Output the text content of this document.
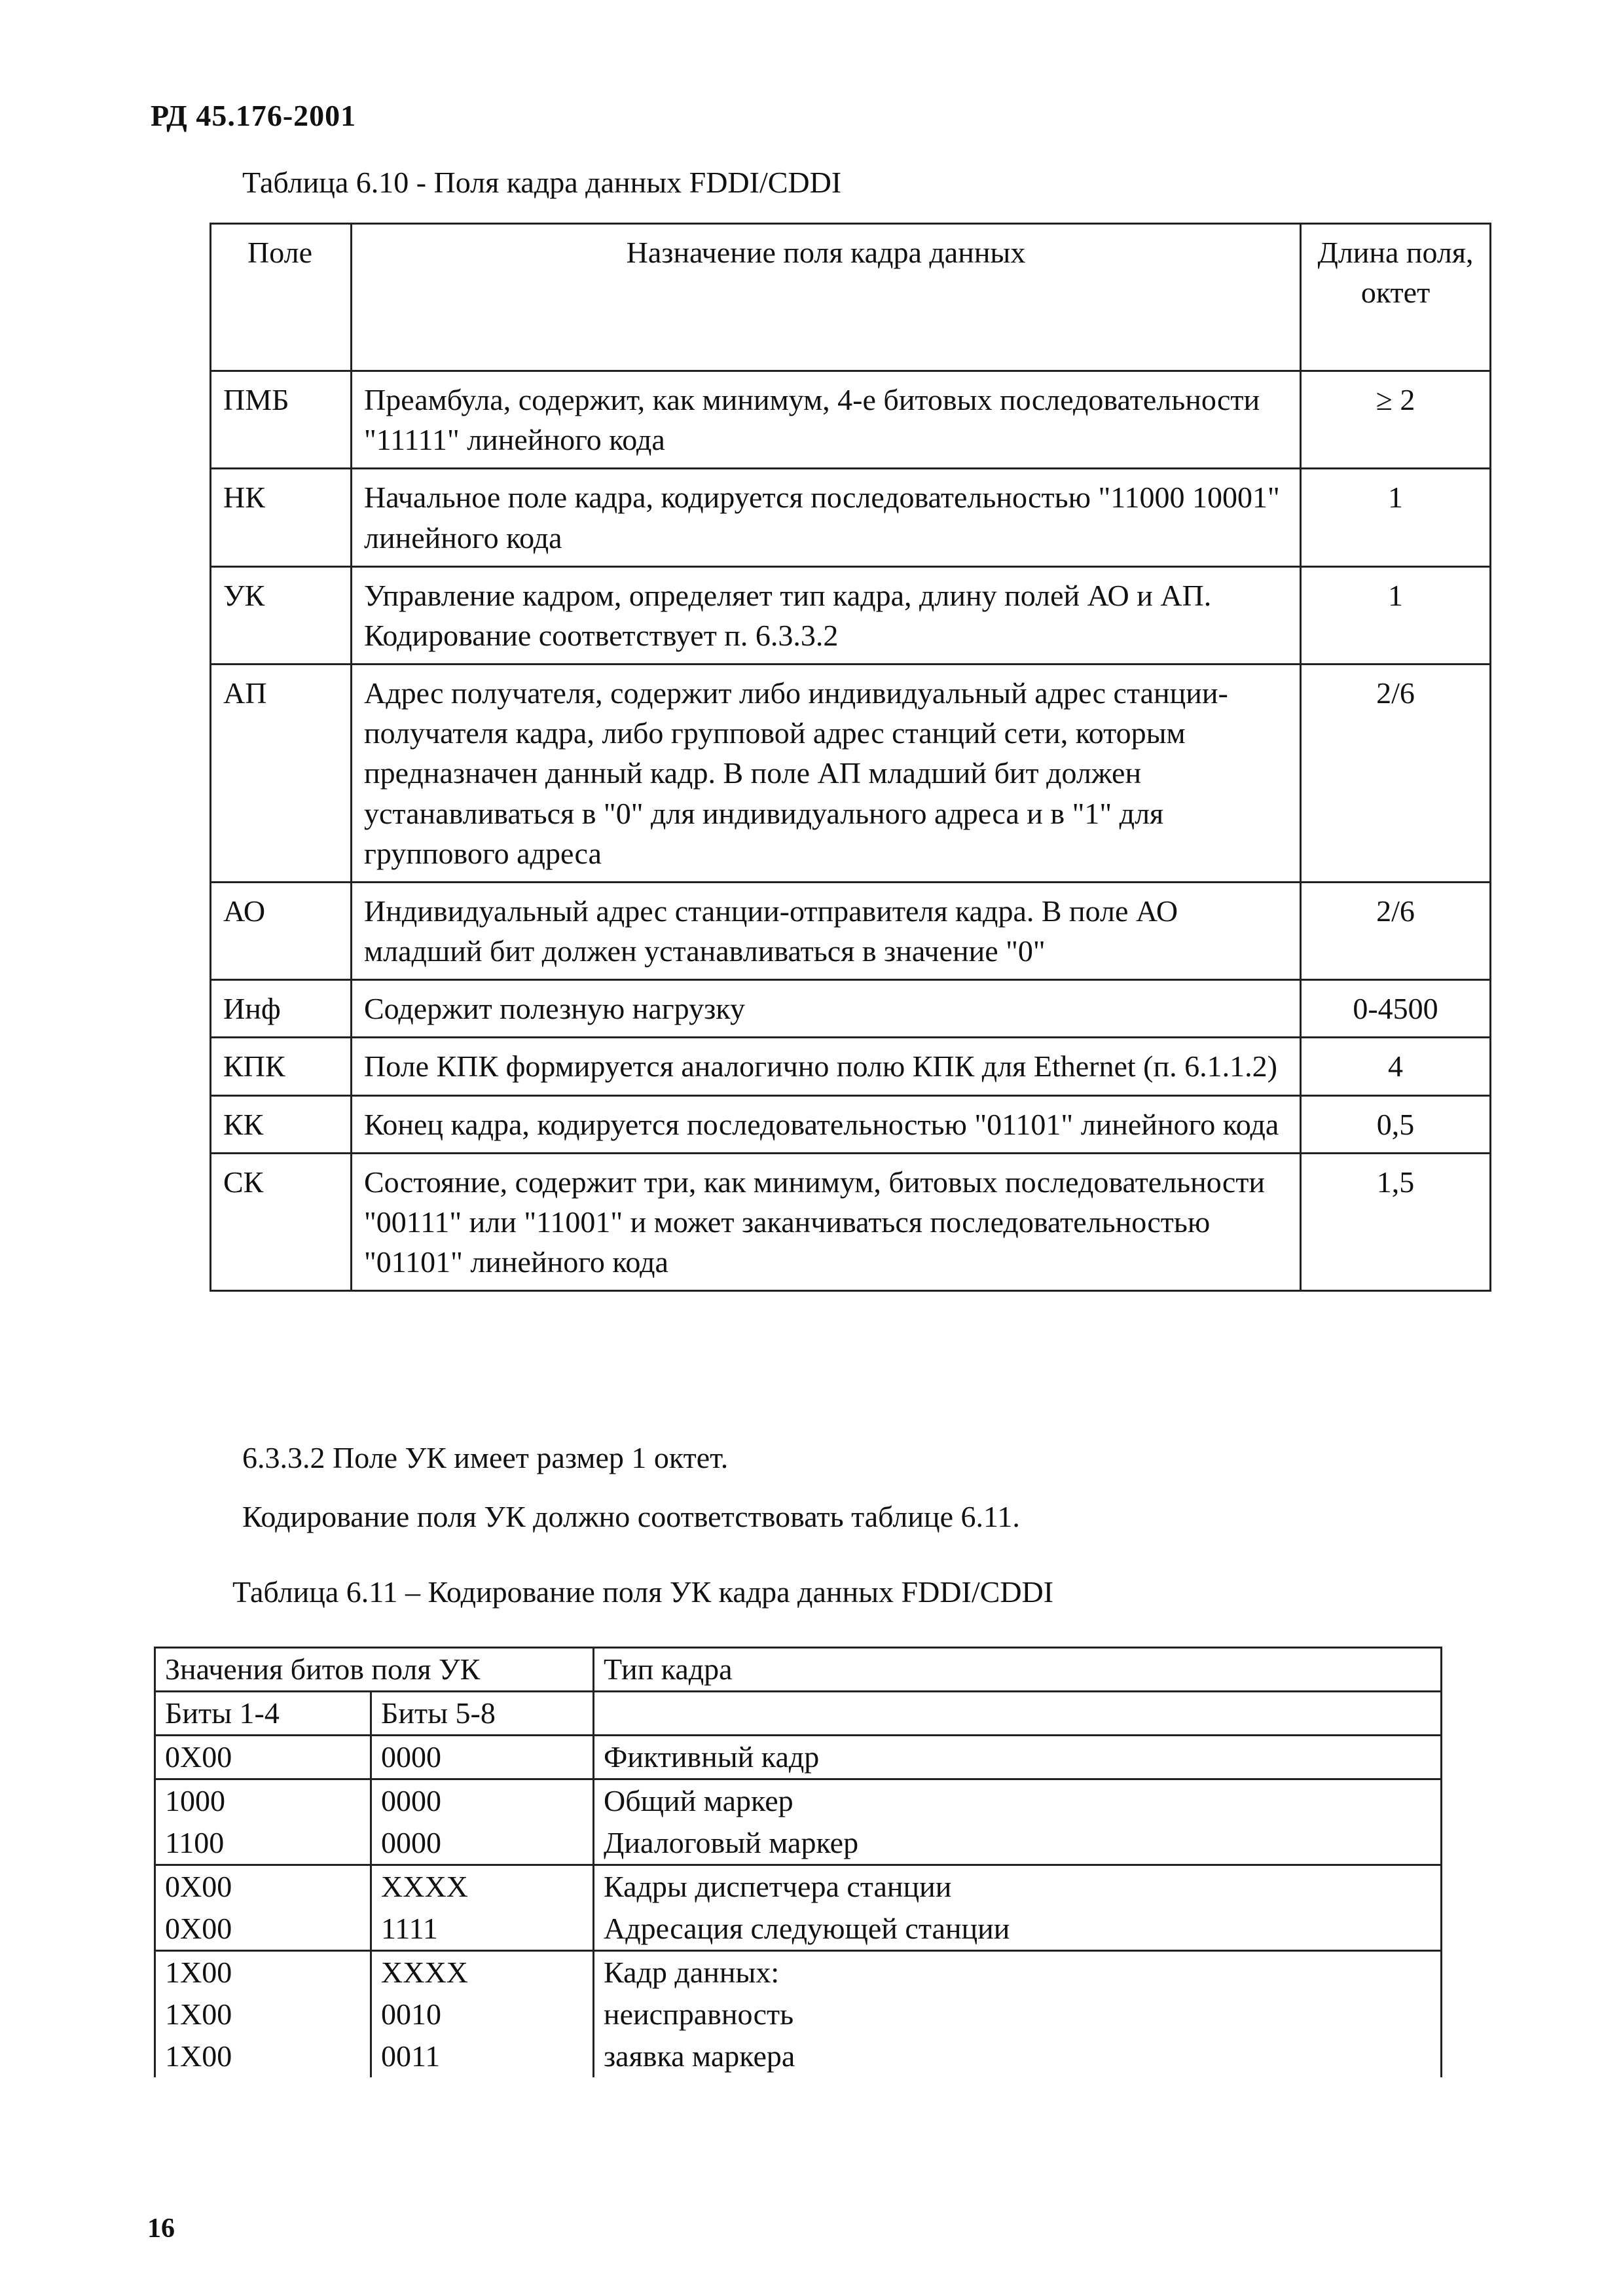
РД 45.176-2001
Таблица 6.10 - Поля кадра данных FDDI/CDDI
Поле	Назначение поля кадра данных	Длина поля, октет
ПМБ	Преамбула, содержит, как минимум, 4-е битовых последовательности "11111" линейного кода	≥ 2
НК	Начальное поле кадра, кодируется последовательностью "11000 10001" линейного кода	1
УК	Управление кадром, определяет тип кадра, длину полей АО и АП. Кодирование соответствует п. 6.3.3.2	1
АП	Адрес получателя, содержит либо индивидуальный адрес станции-получателя кадра, либо групповой адрес станций сети, которым предназначен данный кадр. В поле АП младший бит должен устанавливаться в "0" для индивидуального адреса и в "1" для группового адреса	2/6
АО	Индивидуальный адрес станции-отправителя кадра. В поле АО младший бит должен устанавливаться в значение "0"	2/6
Инф	Содержит полезную нагрузку	0-4500
КПК	Поле КПК формируется аналогично полю КПК для Ethernet (п. 6.1.1.2)	4
КК	Конец кадра, кодируется последовательностью "01101" линейного кода	0,5
СК	Состояние, содержит три, как минимум, битовых последовательности "00111" или "11001" и может заканчиваться последовательностью "01101" линейного кода	1,5
6.3.3.2 Поле УК имеет размер 1 октет.
Кодирование поля УК должно соответствовать таблице 6.11.
Таблица 6.11 – Кодирование поля УК кадра данных FDDI/CDDI
Значения битов поля УК		Тип кадра
Биты 1-4	Биты 5-8	
0X00	0000	Фиктивный кадр
1000	0000	Общий маркер
1100	0000	Диалоговый маркер
0X00	XXXX	Кадры диспетчера станции
0X00	1111	Адресация следующей станции
1X00	XXXX	Кадр данных:
1X00	0010	неисправность
1X00	0011	заявка маркера
16
